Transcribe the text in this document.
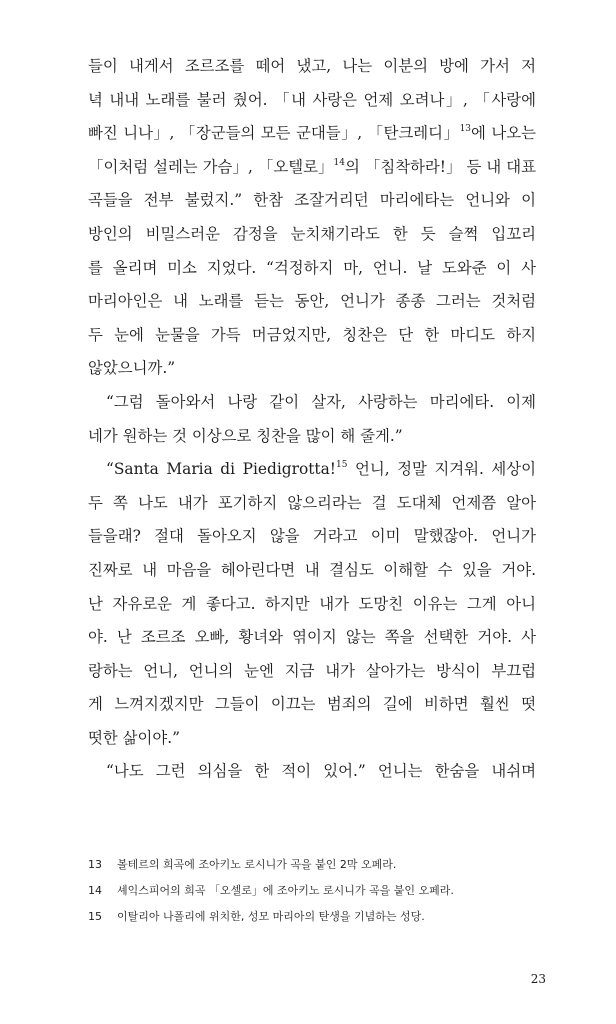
들이 내게서 조르조를 떼어 냈고, 나는 이분의 방에 가서 저
녁 내내 노래를 불러 줬어. 「내 사랑은 언제 오려나」, 「사랑에
빠진 니나」, 「장군들의 모든 군대들」, 「탄크레디」$^{13}$에 나오는
「이처럼 설레는 가슴」, 「오텔로」$^{14}$의 「침착하라!」 등 내 대표
곡들을 전부 불렀지.” 한참 조잘거리던 마리에타는 언니와 이
방인의 비밀스러운 감정을 눈치채기라도 한 듯 슬쩍 입꼬리
를 올리며 미소 지었다. “걱정하지 마, 언니. 날 도와준 이 사
마리아인은 내 노래를 듣는 동안, 언니가 종종 그러는 것처럼
두 눈에 눈물을 가득 머금었지만, 칭찬은 단 한 마디도 하지
않았으니까.”
“그럼 돌아와서 나랑 같이 살자, 사랑하는 마리에타. 이제
네가 원하는 것 이상으로 칭찬을 많이 해 줄게.”
“Santa Maria di Piedigrotta!$^{15}$ 언니, 정말 지겨워. 세상이
두 쪽 나도 내가 포기하지 않으리라는 걸 도대체 언제쯤 알아
들을래? 절대 돌아오지 않을 거라고 이미 말했잖아. 언니가
진짜로 내 마음을 헤아린다면 내 결심도 이해할 수 있을 거야.
난 자유로운 게 좋다고. 하지만 내가 도망친 이유는 그게 아니
야. 난 조르조 오빠, 황녀와 엮이지 않는 쪽을 선택한 거야. 사
랑하는 언니, 언니의 눈엔 지금 내가 살아가는 방식이 부끄럽
게 느껴지겠지만 그들이 이끄는 범죄의 길에 비하면 훨씬 떳
떳한 삶이야.”
“나도 그런 의심을 한 적이 있어.” 언니는 한숨을 내쉬며
13	볼테르의 희곡에 조아키노 로시니가 곡을 붙인 2막 오페라.
14	셰익스피어의 희곡 「오셀로」에 조아키노 로시니가 곡을 붙인 오페라.
15	이탈리아 나폴리에 위치한, 성모 마리아의 탄생을 기념하는 성당.
23
